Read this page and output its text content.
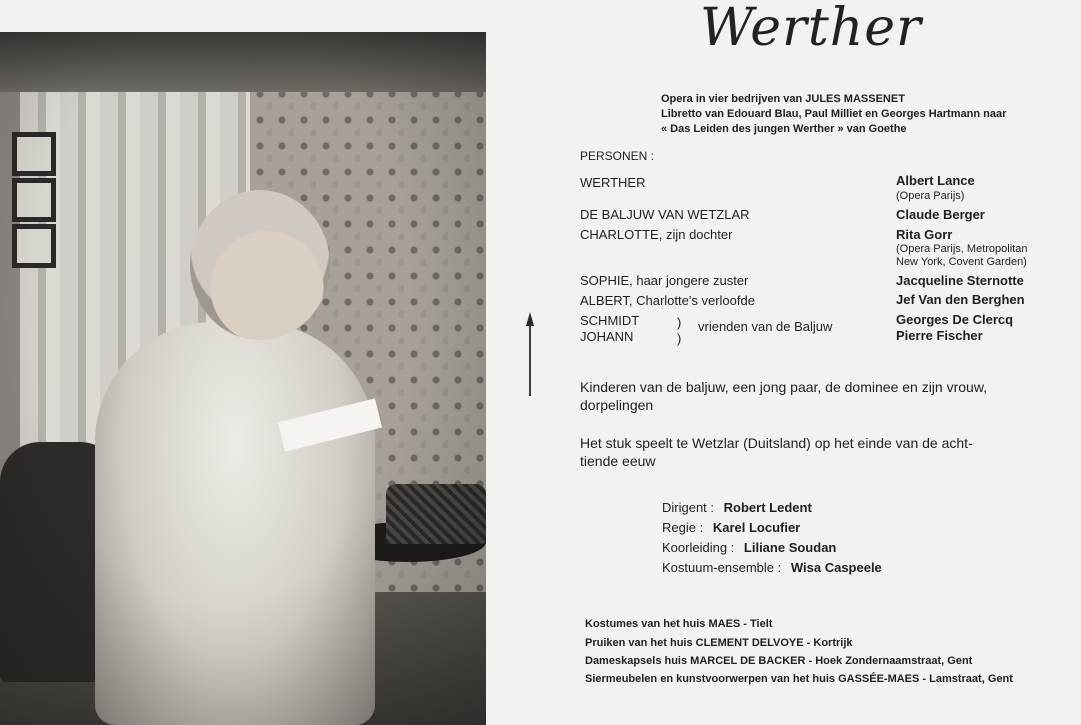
Werther
Opera in vier bedrijven van JULES MASSENET
Libretto van Edouard Blau, Paul Milliet en Georges Hartmann naar
« Das Leiden des jungen Werther » van Goethe
PERSONEN :
WERTHER
DE BALJUW VAN WETZLAR
CHARLOTTE, zijn dochter
SOPHIE, haar jongere zuster
ALBERT, Charlotte's verloofde
SCHMIDT
JOHANN
)
)
vrienden van de Baljuw
Albert Lance
(Opera Parijs)
Claude Berger
Rita Gorr
(Opera Parijs, Metropolitan
New York, Covent Garden)
Jacqueline Sternotte
Jef Van den Berghen
Georges De Clercq
Pierre Fischer
Kinderen van de baljuw, een jong paar, de dominee en zijn vrouw,
dorpelingen
Het stuk speelt te Wetzlar (Duitsland) op het einde van de acht-
tiende eeuw
Dirigent : Robert Ledent
Regie : Karel Locufier
Koorleiding : Liliane Soudan
Kostuum-ensemble : Wisa Caspeele
Kostumes van het huis MAES - Tielt
Pruiken van het huis CLEMENT DELVOYE - Kortrijk
Dameskapsels huis MARCEL DE BACKER - Hoek Zondernaamstraat, Gent
Siermeubelen en kunstvoorwerpen van het huis GASSÉE-MAES - Lamstraat, Gent
